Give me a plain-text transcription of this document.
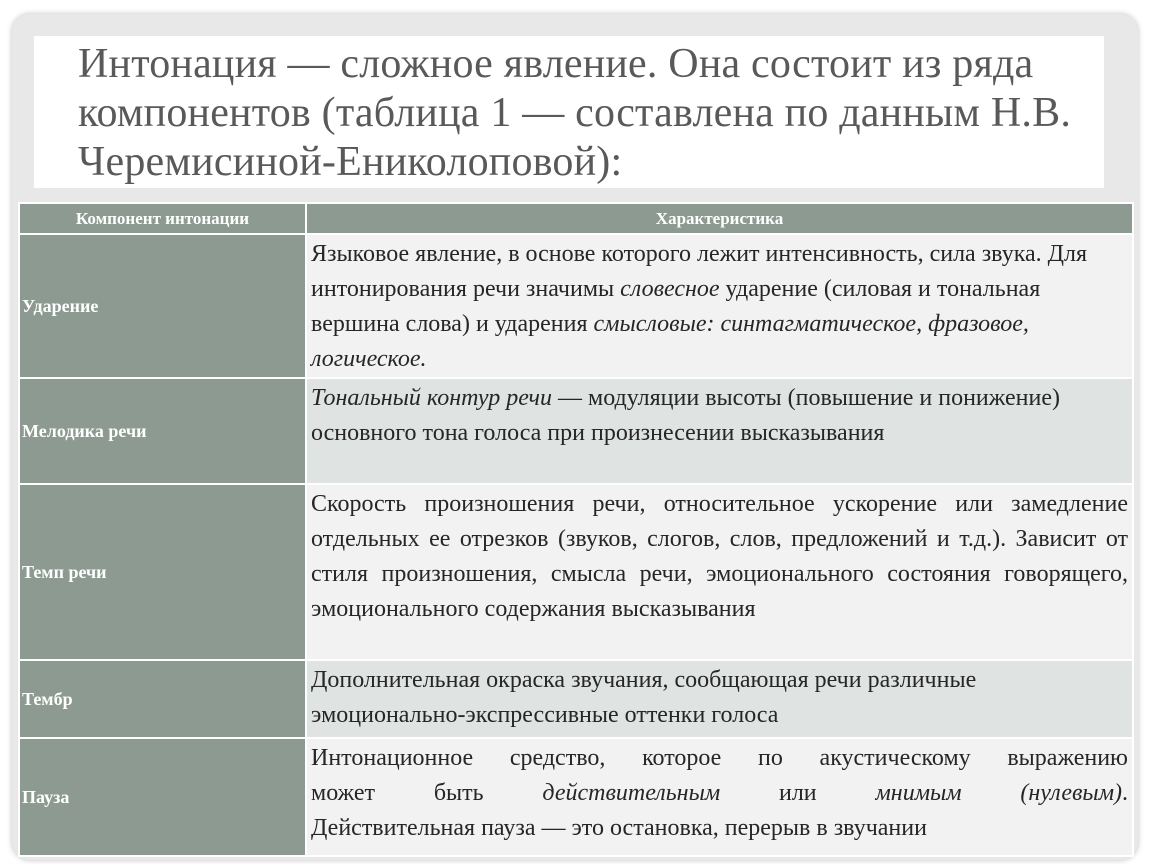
Интонация — сложное явление. Она состоит из ряда компонентов (таблица 1 — составлена по данным Н.В. Черемисиной-Ениколоповой):
Компонент интонации	Характеристика
Ударение	Языковое явление, в основе которого лежит интенсивность, сила звука. Для интонирования речи значимы словесное ударение (силовая и тональная вершина слова) и ударения смысловые: синтагматическое, фразовое, логическое.
Мелодика речи	Тональный контур речи — модуляции высоты (повышение и понижение) основного тона голоса при произнесении высказывания
Темп речи	Скорость произношения речи, относительное ускорение или замедление отдельных ее отрезков (звуков, слогов, слов, предложений и т.д.). Зависит от стиля произношения, смысла речи, эмоционального состояния говорящего, эмоционального содержания высказывания
Тембр	Дополнительная окраска звучания, сообщающая речи различные эмоционально-экспрессивные оттенки голоса
Пауза	Интонационное средство, которое по акустическому выражению
может быть действительным или мнимым (нулевым).
Действительная пауза — это остановка, перерыв в звучании
